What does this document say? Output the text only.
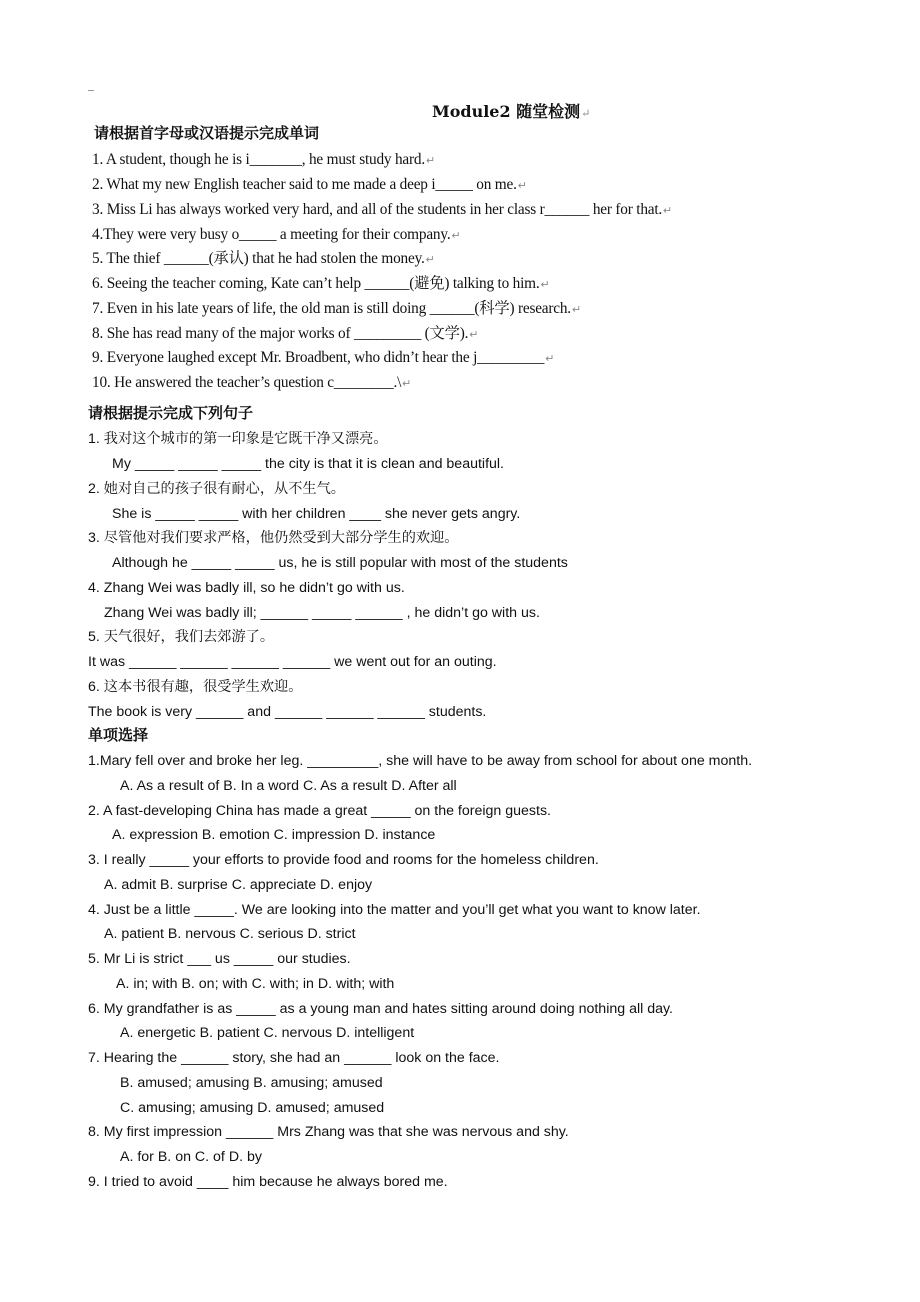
Module2 随堂检测↵
请根据首字母或汉语提示完成单词
1. A student, though he is i_______, he must study hard.↵
2. What my new English teacher said to me made a deep i_____ on me.↵
3. Miss Li has always worked very hard, and all of the students in her class r______ her for that.↵
4.They were very busy o_____ a meeting for their company.↵
5. The thief ______(承认) that he had stolen the money.↵
6. Seeing the teacher coming, Kate can’t help ______(避免) talking to him.↵
7. Even in his late years of life, the old man is still doing ______(科学) research.↵
8. She has read many of the major works of _________ (文学).↵
9. Everyone laughed except Mr. Broadbent, who didn’t hear the j_________↵
10. He answered the teacher’s question c________.\↵
请根据提示完成下列句子
1. 我对这个城市的第一印象是它既干净又漂亮。
My _____ _____ _____ the city is that it is clean and beautiful.
2. 她对自己的孩子很有耐心，从不生气。
She is _____ _____ with her children ____ she never gets angry.
3. 尽管他对我们要求严格，他仍然受到大部分学生的欢迎。
Although he _____ _____ us, he is still popular with most of the students
4. Zhang Wei was badly ill, so he didn’t go with us.
Zhang Wei was badly ill; ______ _____ ______ , he didn’t go with us.
5. 天气很好，我们去郊游了。
It was ______ ______ ______ ______ we went out for an outing.
6. 这本书很有趣，很受学生欢迎。
The book is very ______ and ______ ______ ______ students.
单项选择
1.Mary fell over and broke her leg. _________, she will have to be away from school for about one month.
A. As a result of B. In a word C. As a result D. After all
2. A fast-developing China has made a great _____ on the foreign guests.
A. expression B. emotion C. impression D. instance
3. I really _____ your efforts to provide food and rooms for the homeless children.
A. admit B. surprise C. appreciate D. enjoy
4. Just be a little _____. We are looking into the matter and you’ll get what you want to know later.
A. patient B. nervous C. serious D. strict
5. Mr Li is strict ___ us _____ our studies.
A. in; with B. on; with C. with; in D. with; with
6. My grandfather is as _____ as a young man and hates sitting around doing nothing all day.
A. energetic B. patient C. nervous D. intelligent
7. Hearing the ______ story, she had an ______ look on the face.
B. amused; amusing B. amusing; amused
C. amusing; amusing D. amused; amused
8. My first impression ______ Mrs Zhang was that she was nervous and shy.
A. for B. on C. of D. by
9. I tried to avoid ____ him because he always bored me.
